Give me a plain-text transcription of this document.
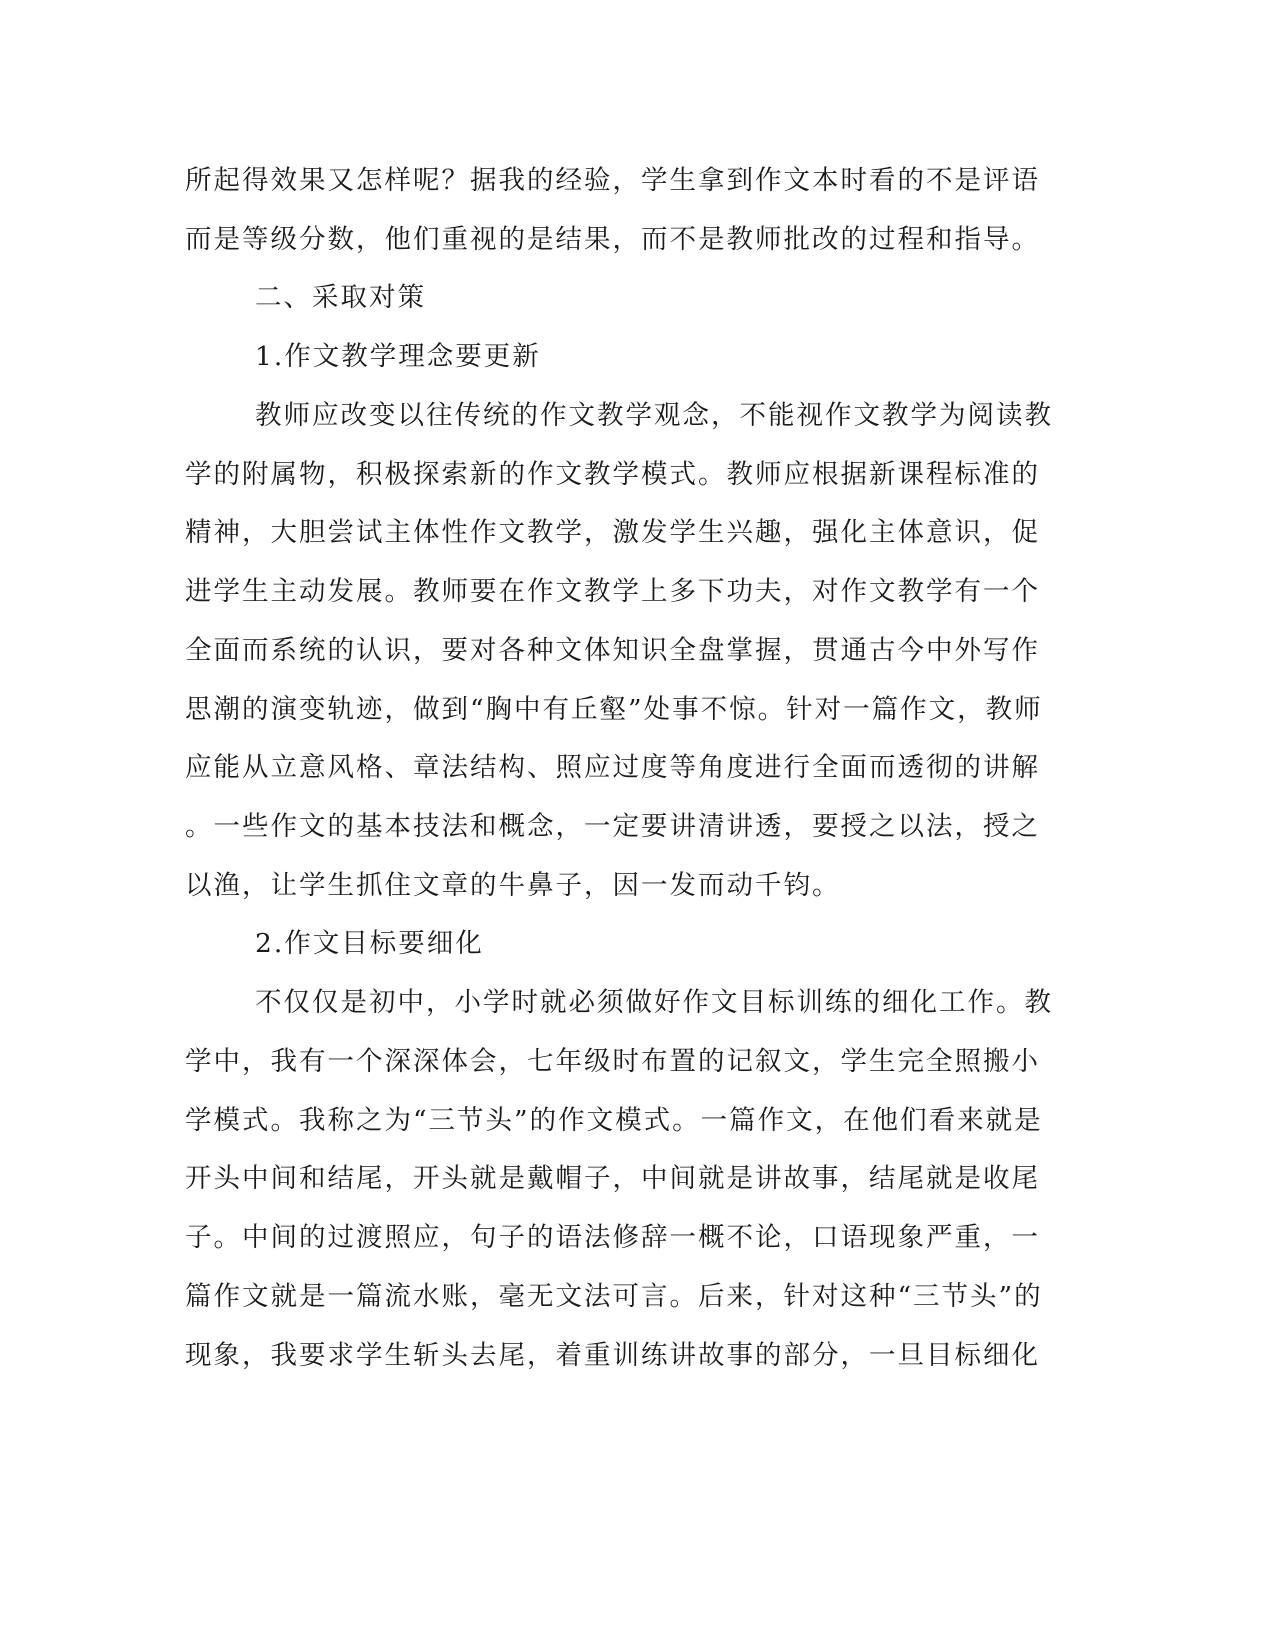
所起得效果又怎样呢？据我的经验，学生拿到作文本时看的不是评语
而是等级分数，他们重视的是结果，而不是教师批改的过程和指导。
二、采取对策
1.作文教学理念要更新
教师应改变以往传统的作文教学观念，不能视作文教学为阅读教
学的附属物，积极探索新的作文教学模式。教师应根据新课程标准的
精神，大胆尝试主体性作文教学，激发学生兴趣，强化主体意识，促
进学生主动发展。教师要在作文教学上多下功夫，对作文教学有一个
全面而系统的认识，要对各种文体知识全盘掌握，贯通古今中外写作
思潮的演变轨迹，做到“胸中有丘壑”处事不惊。针对一篇作文，教师
应能从立意风格、章法结构、照应过度等角度进行全面而透彻的讲解
。一些作文的基本技法和概念，一定要讲清讲透，要授之以法，授之
以渔，让学生抓住文章的牛鼻子，因一发而动千钧。
2.作文目标要细化
不仅仅是初中，小学时就必须做好作文目标训练的细化工作。教
学中，我有一个深深体会，七年级时布置的记叙文，学生完全照搬小
学模式。我称之为“三节头”的作文模式。一篇作文，在他们看来就是
开头中间和结尾，开头就是戴帽子，中间就是讲故事，结尾就是收尾
子。中间的过渡照应，句子的语法修辞一概不论，口语现象严重，一
篇作文就是一篇流水账，毫无文法可言。后来，针对这种“三节头”的
现象，我要求学生斩头去尾，着重训练讲故事的部分，一旦目标细化
